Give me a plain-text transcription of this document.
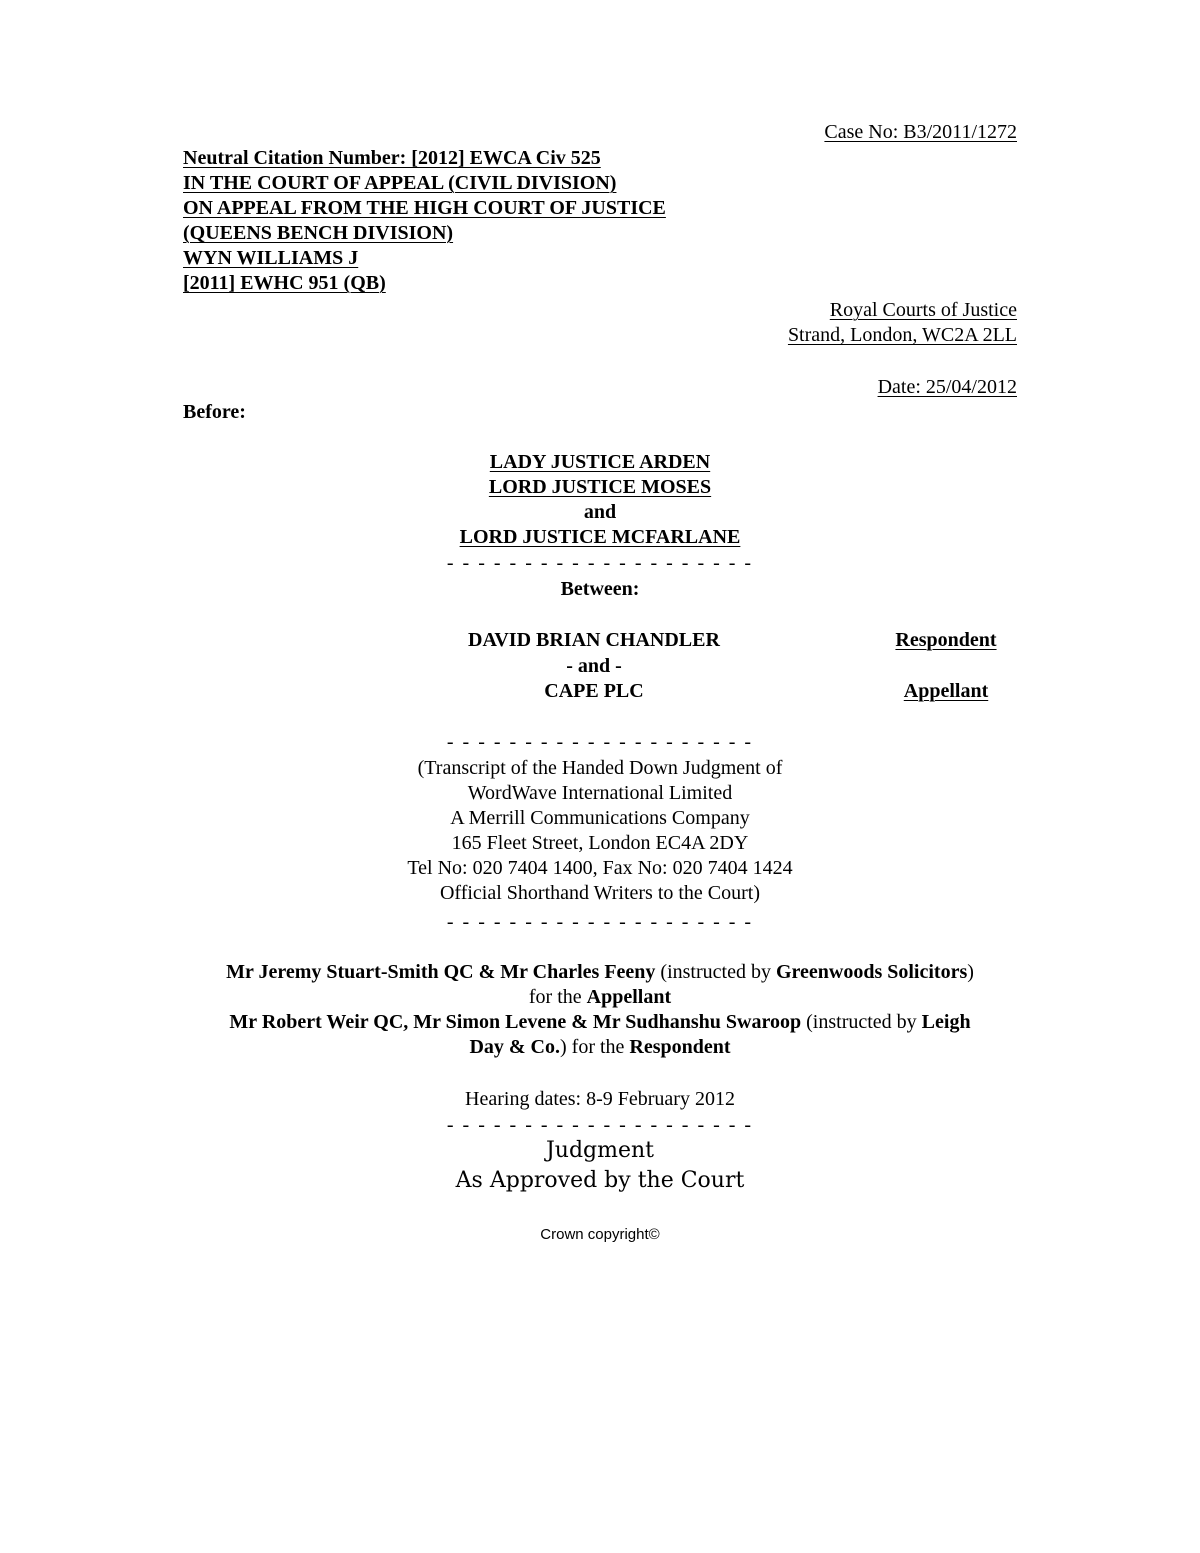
Case No: B3/2011/1272
Neutral Citation Number: [2012] EWCA Civ 525
IN THE COURT OF APPEAL (CIVIL DIVISION)
ON APPEAL FROM THE HIGH COURT OF JUSTICE
(QUEENS BENCH DIVISION)
WYN WILLIAMS J
[2011] EWHC 951 (QB)
Royal Courts of Justice
Strand, London, WC2A 2LL
Date: 25/04/2012
Before:
LADY JUSTICE ARDEN
LORD JUSTICE MOSES
and
LORD JUSTICE MCFARLANE
- - - - - - - - - - - - - - - - - - - -
Between:
DAVID BRIAN CHANDLER
- and -
CAPE PLC
Respondent
Appellant
- - - - - - - - - - - - - - - - - - - -
(Transcript of the Handed Down Judgment of
WordWave International Limited
A Merrill Communications Company
165 Fleet Street, London EC4A 2DY
Tel No: 020 7404 1400, Fax No: 020 7404 1424
Official Shorthand Writers to the Court)
- - - - - - - - - - - - - - - - - - - -
Mr Jeremy Stuart-Smith QC & Mr Charles Feeny (instructed by Greenwoods Solicitors)
for the Appellant
Mr Robert Weir QC, Mr Simon Levene & Mr Sudhanshu Swaroop (instructed by Leigh
Day & Co.) for the Respondent
Hearing dates: 8-9 February 2012
- - - - - - - - - - - - - - - - - - - -
Judgment
As Approved by the Court
Crown copyright©
